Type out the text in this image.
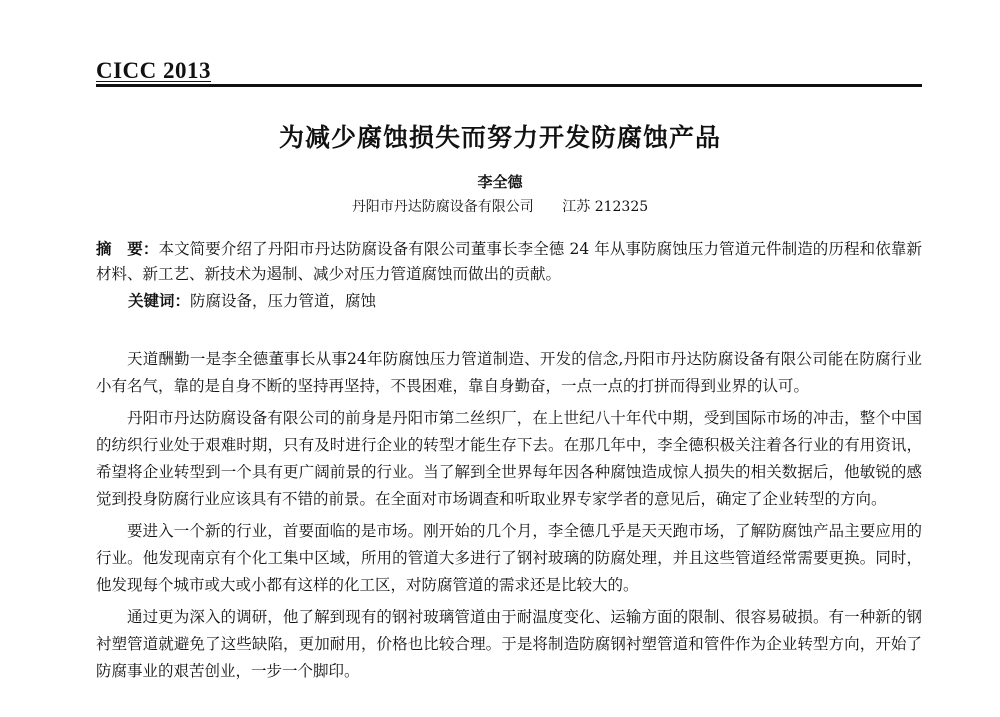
CICC 2013
为减少腐蚀损失而努力开发防腐蚀产品
李全德
丹阳市丹达防腐设备有限公司 江苏 212325
摘　要：本文简要介绍了丹阳市丹达防腐设备有限公司董事长李全德 24 年从事防腐蚀压力管道元件制造的历程和依靠新材料、新工艺、新技术为遏制、减少对压力管道腐蚀而做出的贡献。
关键词：防腐设备，压力管道，腐蚀

天道酬勤一是李全德董事长从事24年防腐蚀压力管道制造、开发的信念,丹阳市丹达防腐设备有限公司能在防腐行业小有名气，靠的是自身不断的坚持再坚持，不畏困难，靠自身勤奋，一点一点的打拼而得到业界的认可。

丹阳市丹达防腐设备有限公司的前身是丹阳市第二丝织厂，在上世纪八十年代中期，受到国际市场的冲击，整个中国的纺织行业处于艰难时期，只有及时进行企业的转型才能生存下去。在那几年中，李全德积极关注着各行业的有用资讯，希望将企业转型到一个具有更广阔前景的行业。当了解到全世界每年因各种腐蚀造成惊人损失的相关数据后，他敏锐的感觉到投身防腐行业应该具有不错的前景。在全面对市场调查和听取业界专家学者的意见后，确定了企业转型的方向。

要进入一个新的行业，首要面临的是市场。刚开始的几个月，李全德几乎是天天跑市场，了解防腐蚀产品主要应用的行业。他发现南京有个化工集中区域，所用的管道大多进行了钢衬玻璃的防腐处理，并且这些管道经常需要更换。同时，他发现每个城市或大或小都有这样的化工区，对防腐管道的需求还是比较大的。

通过更为深入的调研，他了解到现有的钢衬玻璃管道由于耐温度变化、运输方面的限制、很容易破损。有一种新的钢衬塑管道就避免了这些缺陷，更加耐用，价格也比较合理。于是将制造防腐钢衬塑管道和管件作为企业转型方向，开始了防腐事业的艰苦创业，一步一个脚印。
